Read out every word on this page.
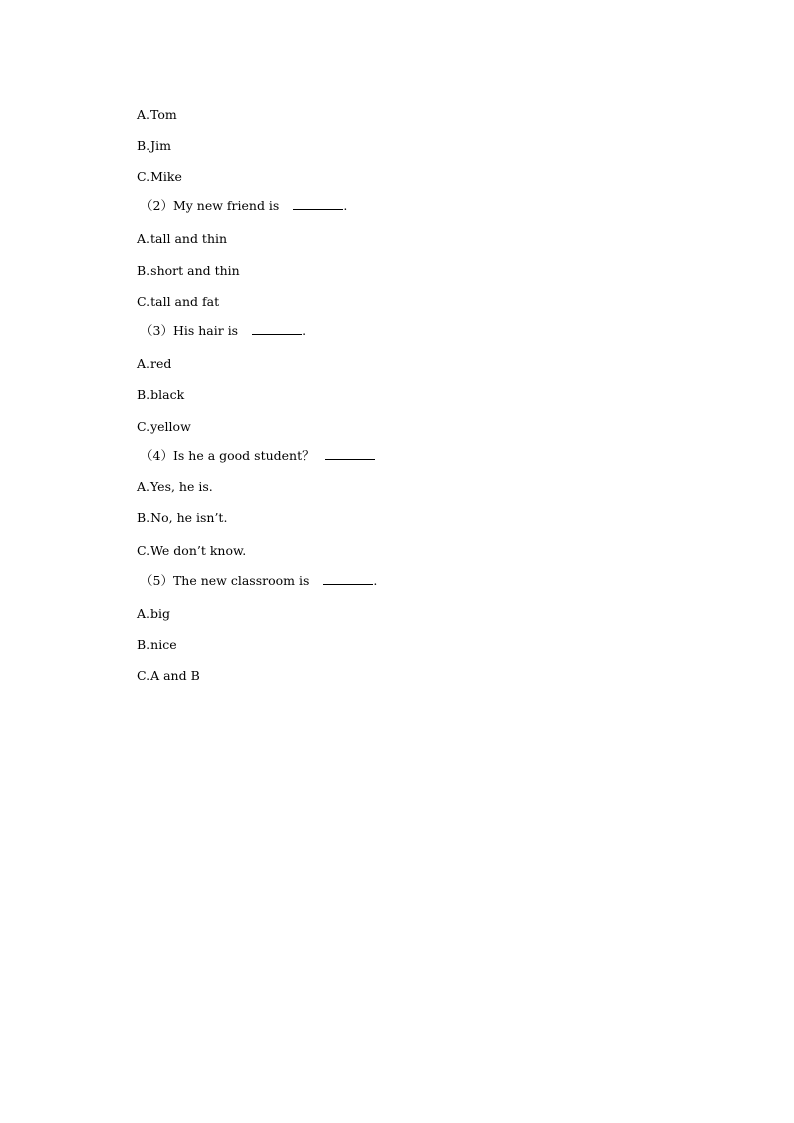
A.Tom
B.Jim
C.Mike
（2）My new friend is	.
A.tall and thin
B.short and thin
C.tall and fat
（3）His hair is	.
A.red
B.black
C.yellow
（4）Is he a good student？
A.Yes, he is.
B.No, he isn’t.
C.We don’t know.
（5）The new classroom is	.
A.big
B.nice
C.A and B
